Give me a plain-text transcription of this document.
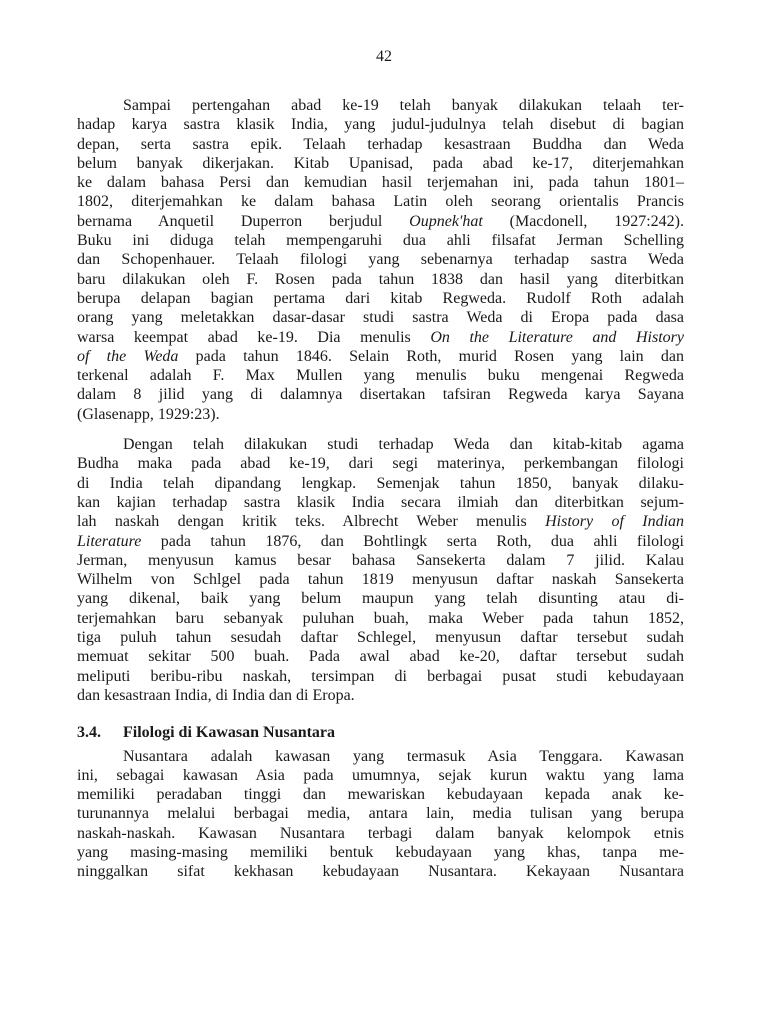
42
Sampai pertengahan abad ke-19 telah banyak dilakukan telaah ter-
hadap karya sastra klasik India, yang judul-judulnya telah disebut di bagian
depan, serta sastra epik. Telaah terhadap kesastraan Buddha dan Weda
belum banyak dikerjakan. Kitab Upanisad, pada abad ke-17, diterjemahkan
ke dalam bahasa Persi dan kemudian hasil terjemahan ini, pada tahun 1801–
1802, diterjemahkan ke dalam bahasa Latin oleh seorang orientalis Prancis
bernama Anquetil Duperron berjudul Oupnek'hat (Macdonell, 1927:242).
Buku ini diduga telah mempengaruhi dua ahli filsafat Jerman Schelling
dan Schopenhauer. Telaah filologi yang sebenarnya terhadap sastra Weda
baru dilakukan oleh F. Rosen pada tahun 1838 dan hasil yang diterbitkan
berupa delapan bagian pertama dari kitab Regweda. Rudolf Roth adalah
orang yang meletakkan dasar-dasar studi sastra Weda di Eropa pada dasa
warsa keempat abad ke-19. Dia menulis On the Literature and History
of the Weda pada tahun 1846. Selain Roth, murid Rosen yang lain dan
terkenal adalah F. Max Mullen yang menulis buku mengenai Regweda
dalam 8 jilid yang di dalamnya disertakan tafsiran Regweda karya Sayana
(Glasenapp, 1929:23).
Dengan telah dilakukan studi terhadap Weda dan kitab-kitab agama
Budha maka pada abad ke-19, dari segi materinya, perkembangan filologi
di India telah dipandang lengkap. Semenjak tahun 1850, banyak dilaku-
kan kajian terhadap sastra klasik India secara ilmiah dan diterbitkan sejum-
lah naskah dengan kritik teks. Albrecht Weber menulis History of Indian
Literature pada tahun 1876, dan Bohtlingk serta Roth, dua ahli filologi
Jerman, menyusun kamus besar bahasa Sansekerta dalam 7 jilid. Kalau
Wilhelm von Schlgel pada tahun 1819 menyusun daftar naskah Sansekerta
yang dikenal, baik yang belum maupun yang telah disunting atau di-
terjemahkan baru sebanyak puluhan buah, maka Weber pada tahun 1852,
tiga puluh tahun sesudah daftar Schlegel, menyusun daftar tersebut sudah
memuat sekitar 500 buah. Pada awal abad ke-20, daftar tersebut sudah
meliputi beribu-ribu naskah, tersimpan di berbagai pusat studi kebudayaan
dan kesastraan India, di India dan di Eropa.
3.4.	Filologi di Kawasan Nusantara
Nusantara adalah kawasan yang termasuk Asia Tenggara. Kawasan
ini, sebagai kawasan Asia pada umumnya, sejak kurun waktu yang lama
memiliki peradaban tinggi dan mewariskan kebudayaan kepada anak ke-
turunannya melalui berbagai media, antara lain, media tulisan yang berupa
naskah-naskah. Kawasan Nusantara terbagi dalam banyak kelompok etnis
yang masing-masing memiliki bentuk kebudayaan yang khas, tanpa me-
ninggalkan sifat kekhasan kebudayaan Nusantara. Kekayaan Nusantara
